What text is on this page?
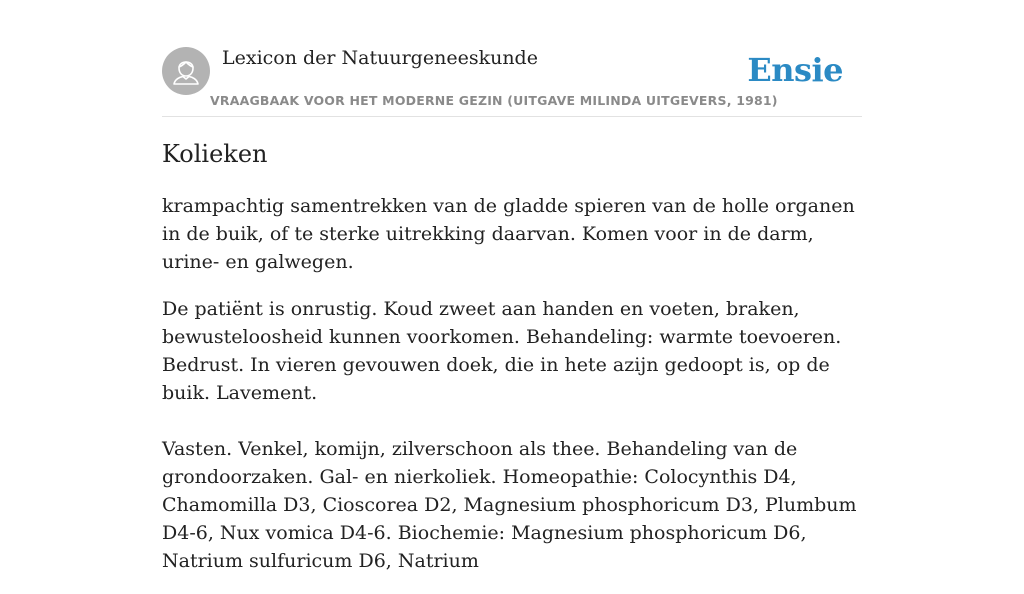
Lexicon der Natuurgeneeskunde
VRAAGBAAK VOOR HET MODERNE GEZIN (UITGAVE MILINDA UITGEVERS, 1981)
Ensie
Kolieken

krampachtig samentrekken van de gladde spieren van de holle organen in de buik, of te sterke uitrekking daarvan. Komen voor in de darm, urine- en galwegen.

De patiënt is onrustig. Koud zweet aan handen en voeten, braken, bewusteloosheid kunnen voorkomen. Behandeling: warmte toevoeren. Bedrust. In vieren gevouwen doek, die in hete azijn gedoopt is, op de buik. Lavement.

Vasten. Venkel, komijn, zilverschoon als thee. Behandeling van de grondoorzaken. Gal- en nierkoliek. Homeopathie: Colocynthis D4, Chamomilla D3, Cioscorea D2, Magnesium phosphoricum D3, Plumbum D4-6, Nux vomica D4-6. Biochemie: Magnesium phosphoricum D6, Natrium sulfuricum D6, Natrium
